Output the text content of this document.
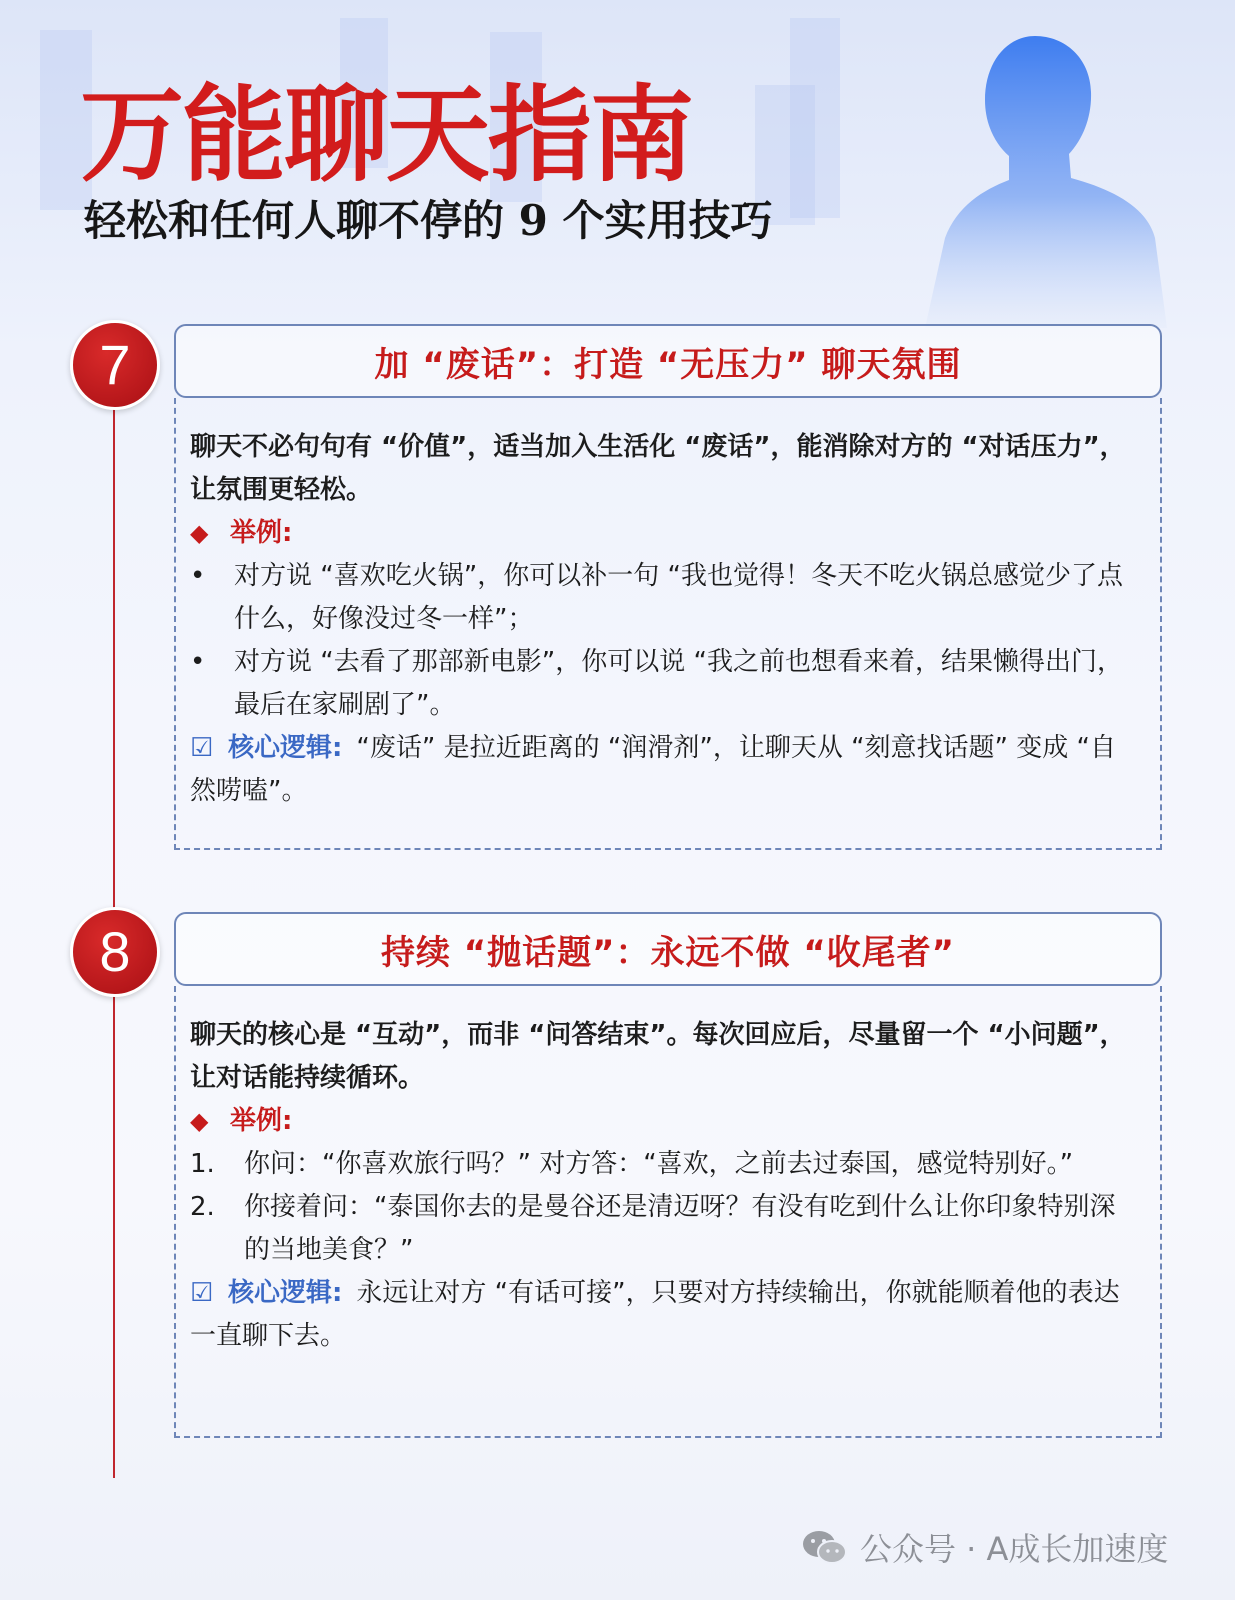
万能聊天指南
轻松和任何人聊不停的 9 个实用技巧
7	加 “废话”：打造 “无压力” 聊天氛围

聊天不必句句有 “价值”，适当加入生活化 “废话”，能消除对方的 “对话压力”，让氛围更轻松。

◆ 举例:

• 对方说 “喜欢吃火锅”，你可以补一句 “我也觉得！冬天不吃火锅总感觉少了点什么，好像没过冬一样”；
• 对方说 “去看了那部新电影”，你可以说 “我之前也想看来着，结果懒得出门，最后在家刷剧了”。

☑ 核心逻辑: “废话” 是拉近距离的 “润滑剂”，让聊天从 “刻意找话题” 变成 “自然唠嗑”。

8	持续 “抛话题”：永远不做 “收尾者”

聊天的核心是 “互动”，而非 “问答结束”。每次回应后，尽量留一个 “小问题”，让对话能持续循环。

◆ 举例:

1. 你问：“你喜欢旅行吗？” 对方答：“喜欢，之前去过泰国，感觉特别好。”
2. 你接着问：“泰国你去的是曼谷还是清迈呀？有没有吃到什么让你印象特别深的当地美食？”

☑ 核心逻辑: 永远让对方 “有话可接”，只要对方持续输出，你就能顺着他的表达一直聊下去。

公众号 · A成长加速度
